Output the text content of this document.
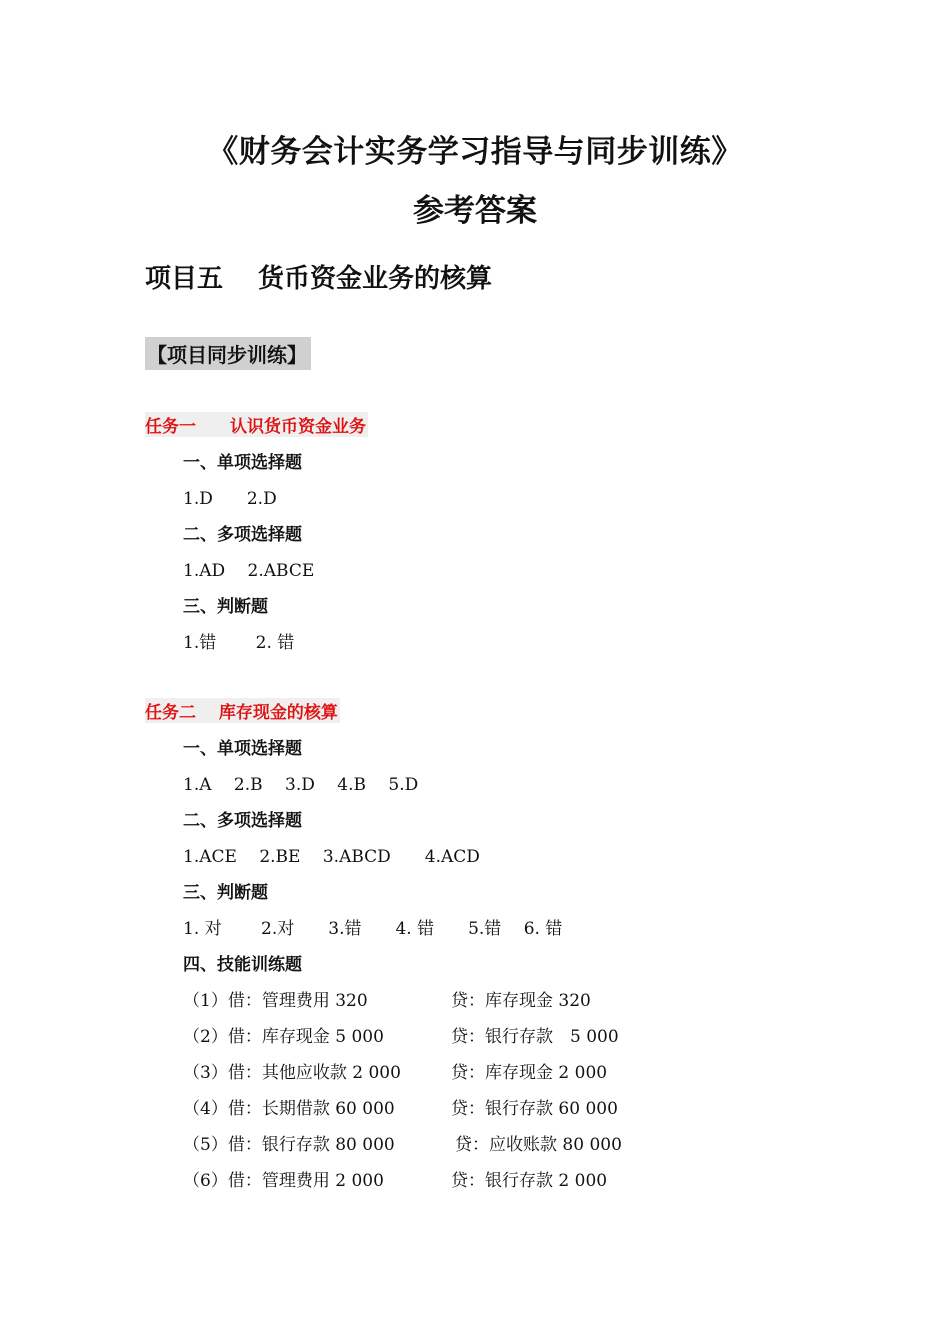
《财务会计实务学习指导与同步训练》
参考答案
项目五　 货币资金业务的核算
【项目同步训练】
任务一　　认识货币资金业务
一、单项选择题
1.D　　2.D
二、多项选择题
1.AD　 2.ABCE
三、判断题
1.错　　 2. 错
任务二　 库存现金的核算
一、单项选择题
1.A　 2.B　 3.D　 4.B　 5.D
二、多项选择题
1.ACE　 2.BE　 3.ABCD　　4.ACD
三、判断题
1. 对　　 2.对　　3.错　　4. 错　　5.错　 6. 错
四、技能训练题
（1）借：管理费用 320	贷：库存现金 320
（2）借：库存现金 5 000	贷：银行存款　5 000
（3）借：其他应收款 2 000	贷：库存现金 2 000
（4）借：长期借款 60 000	贷：银行存款 60 000
（5）借：银行存款 80 000	贷：应收账款 80 000
（6）借：管理费用 2 000	贷：银行存款 2 000
